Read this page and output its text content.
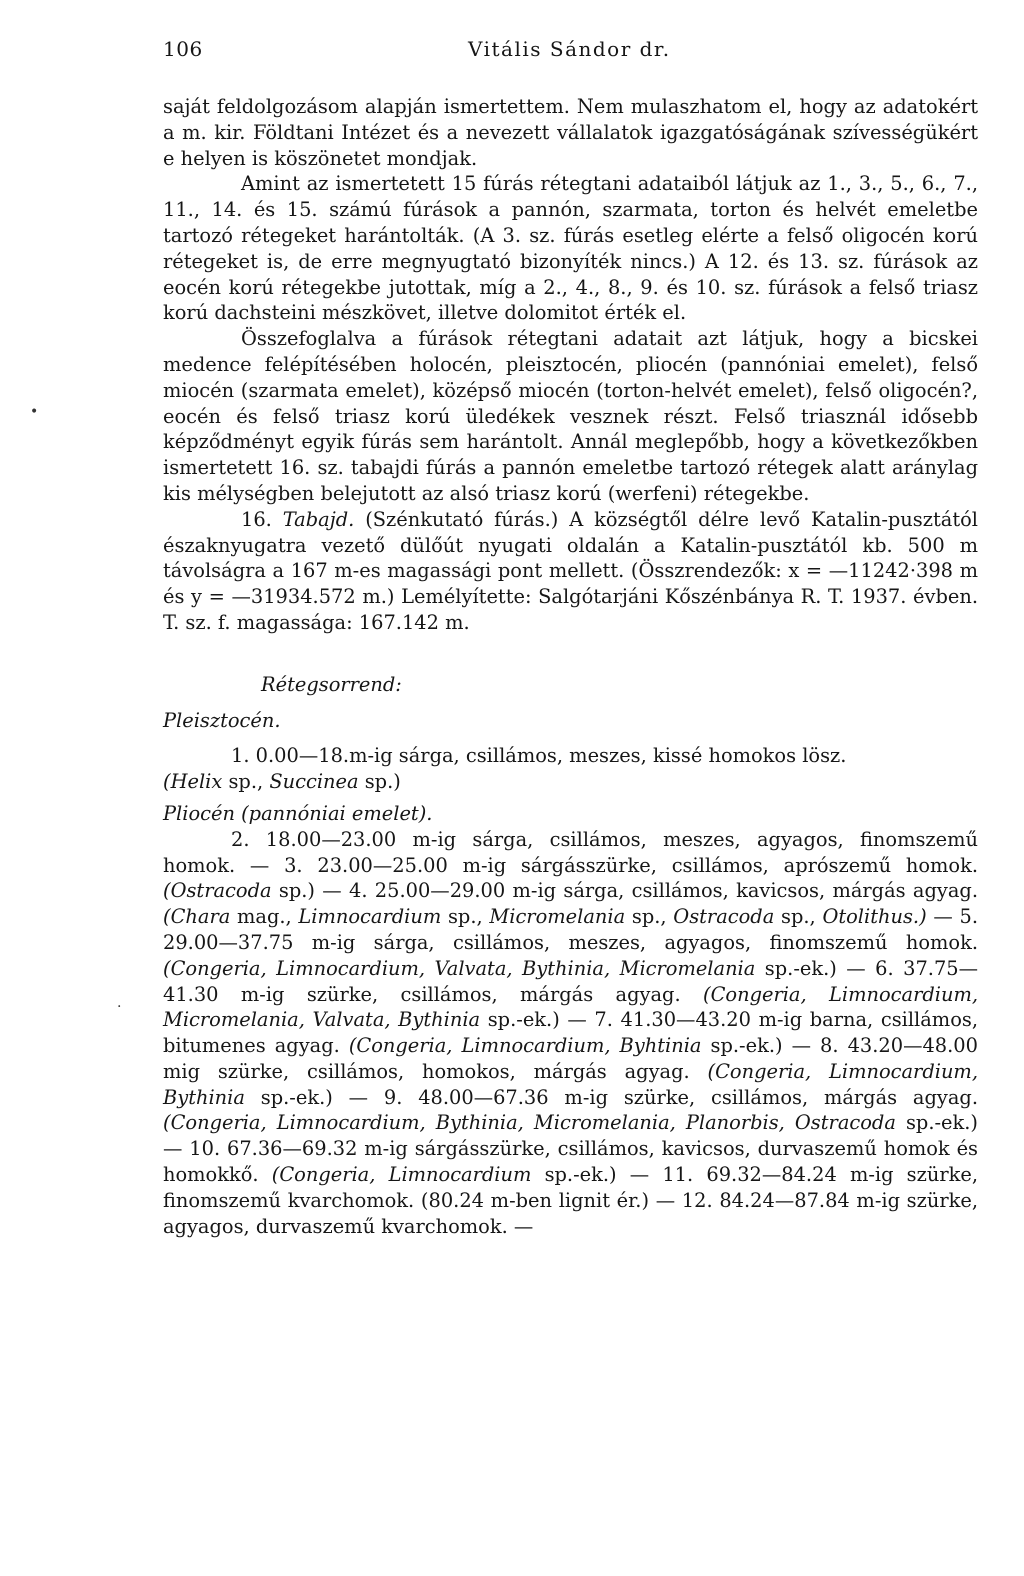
106	Vitális Sándor dr.

saját feldolgozásom alapján ismertettem. Nem mulaszhatom el, hogy az adatokért a m. kir. Földtani Intézet és a nevezett vállalatok igazgatóságának szívességükért e helyen is köszönetet mondjak.

Amint az ismertetett 15 fúrás rétegtani adataiból látjuk az 1., 3., 5., 6., 7., 11., 14. és 15. számú fúrások a pannón, szarmata, torton és helvét emeletbe tartozó rétegeket harántolták. (A 3. sz. fúrás esetleg elérte a felső oligocén korú rétegeket is, de erre megnyugtató bizonyíték nincs.) A 12. és 13. sz. fúrások az eocén korú rétegekbe jutottak, míg a 2., 4., 8., 9. és 10. sz. fúrások a felső triasz korú dachsteini mészkövet, illetve dolomitot érték el.

Összefoglalva a fúrások rétegtani adatait azt látjuk, hogy a bicskei medence felépítésében holocén, pleisztocén, pliocén (pannóniai emelet), felső miocén (szarmata emelet), középső miocén (torton-helvét emelet), felső oligocén?, eocén és felső triasz korú üledékek vesznek részt. Felső triasznál idősebb képződményt egyik fúrás sem harántolt. Annál meglepőbb, hogy a következőkben ismertetett 16. sz. tabajdi fúrás a pannón emeletbe tartozó rétegek alatt aránylag kis mélységben belejutott az alsó triasz korú (werfeni) rétegekbe.

16. Tabajd. (Szénkutató fúrás.) A községtől délre levő Katalin-pusztától északnyugatra vezető dülőút nyugati oldalán a Katalin-pusztától kb. 500 m távolságra a 167 m-es magassági pont mellett. (Összrendezők: x = —11242·398 m és y = —31934.572 m.) Lemélyítette: Salgótarjáni Kőszénbánya R. T. 1937. évben. T. sz. f. magassága: 167.142 m.

Rétegsorrend:

Pleisztocén.

1. 0.00—18.m-ig sárga, csillámos, meszes, kissé homokos lösz.

(Helix sp., Succinea sp.)

Pliocén (pannóniai emelet).

2. 18.00—23.00 m-ig sárga, csillámos, meszes, agyagos, finomszemű homok. — 3. 23.00—25.00 m-ig sárgásszürke, csillámos, aprószemű homok. (Ostracoda sp.) — 4. 25.00—29.00 m-ig sárga, csillámos, kavicsos, márgás agyag. (Chara mag., Limnocardium sp., Micromelania sp., Ostracoda sp., Otolithus.) — 5. 29.00—37.75 m-ig sárga, csillámos, meszes, agyagos, finomszemű homok. (Congeria, Limnocardium, Valvata, Bythinia, Micromelania sp.-ek.) — 6. 37.75—41.30 m-ig szürke, csillámos, márgás agyag. (Congeria, Limnocardium, Micromelania, Valvata, Bythinia sp.-ek.) — 7. 41.30—43.20 m-ig barna, csillámos, bitumenes agyag. (Congeria, Limnocardium, Byhtinia sp.-ek.) — 8. 43.20—48.00 mig szürke, csillámos, homokos, márgás agyag. (Congeria, Limnocardium, Bythinia sp.-ek.) — 9. 48.00—67.36 m-ig szürke, csillámos, márgás agyag. (Congeria, Limnocardium, Bythinia, Micromelania, Planorbis, Ostracoda sp.-ek.) — 10. 67.36—69.32 m-ig sárgásszürke, csillámos, kavicsos, durvaszemű homok és homokkő. (Congeria, Limnocardium sp.-ek.) — 11. 69.32—84.24 m-ig szürke, finomszemű kvarchomok. (80.24 m-ben lignit ér.) — 12. 84.24—87.84 m-ig szürke, agyagos, durvaszemű kvarchomok. —

•
.
